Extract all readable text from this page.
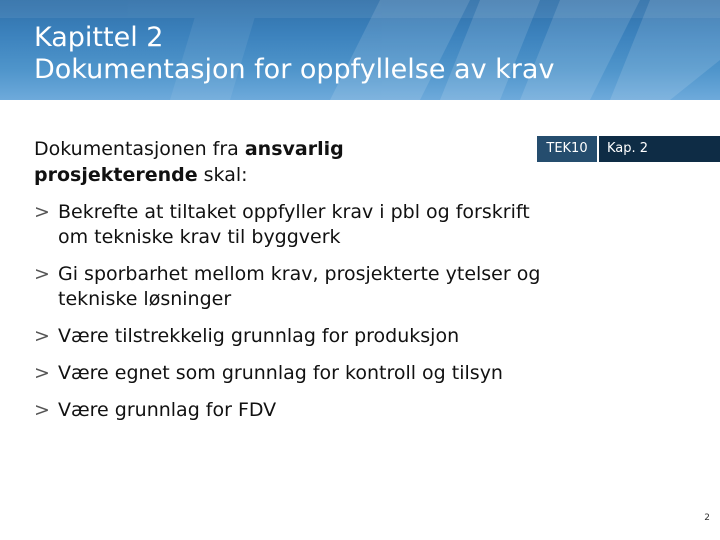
Kapittel 2
Dokumentasjon for oppfyllelse av krav
Dokumentasjonen fra ansvarlig prosjekterende skal:
TEK10	Kap. 2
> Bekrefte at tiltaket oppfyller krav i pbl og forskrift om tekniske krav til byggverk
> Gi sporbarhet mellom krav, prosjekterte ytelser og tekniske løsninger
> Være tilstrekkelig grunnlag for produksjon
> Være egnet som grunnlag for kontroll og tilsyn
> Være grunnlag for FDV
2
